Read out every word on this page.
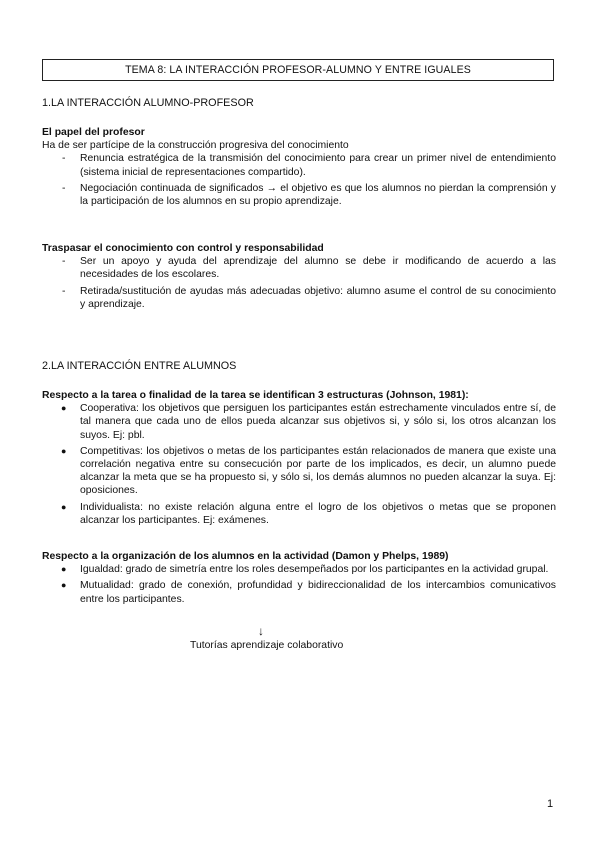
TEMA 8: LA INTERACCIÓN PROFESOR-ALUMNO Y ENTRE IGUALES
1.LA INTERACCIÓN ALUMNO-PROFESOR
El papel del profesor
Ha de ser partícipe de la construcción progresiva del conocimiento
- Renuncia estratégica de la transmisión del conocimiento para crear un primer nivel de entendimiento (sistema inicial de representaciones compartido).
- Negociación continuada de significados → el objetivo es que los alumnos no pierdan la comprensión y la participación de los alumnos en su propio aprendizaje.
Traspasar el conocimiento con control y responsabilidad
- Ser un apoyo y ayuda del aprendizaje del alumno se debe ir modificando de acuerdo a las necesidades de los escolares.
- Retirada/sustitución de ayudas más adecuadas objetivo: alumno asume el control de su conocimiento y aprendizaje.
2.LA INTERACCIÓN ENTRE ALUMNOS
Respecto a la tarea o finalidad de la tarea se identifican 3 estructuras (Johnson, 1981):
● Cooperativa: los objetivos que persiguen los participantes están estrechamente vinculados entre sí, de tal manera que cada uno de ellos pueda alcanzar sus objetivos si, y sólo si, los otros alcanzan los suyos. Ej: pbl.
● Competitivas: los objetivos o metas de los participantes están relacionados de manera que existe una correlación negativa entre su consecución por parte de los implicados, es decir, un alumno puede alcanzar la meta que se ha propuesto si, y sólo si, los demás alumnos no pueden alcanzar la suya. Ej: oposiciones.
● Individualista: no existe relación alguna entre el logro de los objetivos o metas que se proponen alcanzar los participantes. Ej: exámenes.
Respecto a la organización de los alumnos en la actividad (Damon y Phelps, 1989)
● Igualdad: grado de simetría entre los roles desempeñados por los participantes en la actividad grupal.
● Mutualidad: grado de conexión, profundidad y bidireccionalidad de los intercambios comunicativos entre los participantes.
↓
Tutorías aprendizaje colaborativo
1
